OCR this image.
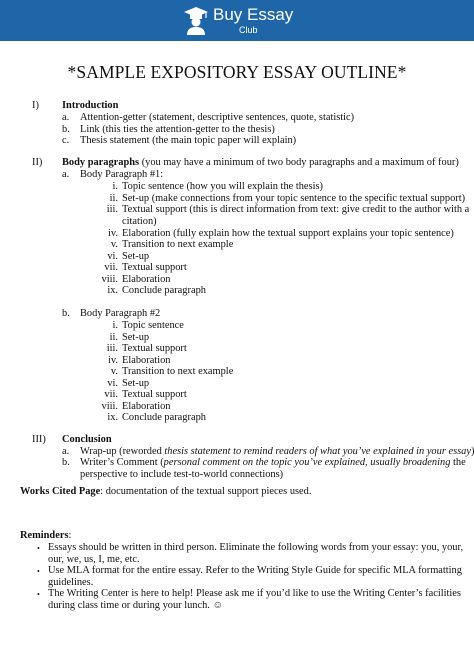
Buy Essay
Club
*SAMPLE EXPOSITORY ESSAY OUTLINE*
I) Introduction
a. Attention-getter (statement, descriptive sentences, quote, statistic)
b. Link (this ties the attention-getter to the thesis)
c. Thesis statement (the main topic paper will explain)
II) Body paragraphs (you may have a minimum of two body paragraphs and a maximum of four)
a. Body Paragraph #1:
i. Topic sentence (how you will explain the thesis)
ii. Set-up (make connections from your topic sentence to the specific textual support)
iii. Textual support (this is direct information from text: give credit to the author with a
citation)
iv. Elaboration (fully explain how the textual support explains your topic sentence)
v. Transition to next example
vi. Set-up
vii. Textual support
viii. Elaboration
ix. Conclude paragraph
b. Body Paragraph #2
i. Topic sentence
ii. Set-up
iii. Textual support
iv. Elaboration
v. Transition to next example
vi. Set-up
vii. Textual support
viii. Elaboration
ix. Conclude paragraph
III) Conclusion
a. Wrap-up (reworded thesis statement to remind readers of what you’ve explained in your essay
b. Writer’s Comment (personal comment on the topic you’ve explained, usually broadening the
perspective to include test-to-world connections)
Works Cited Page: documentation of the textual support pieces used.
Reminders:
• Essays should be written in third person. Eliminate the following words from your essay: you, your,
our, we, us, I, me, etc.
• Use MLA format for the entire essay. Refer to the Writing Style Guide for specific MLA formatting
guidelines.
• The Writing Center is here to help! Please ask me if you’d like to use the Writing Center’s facilities
during class time or during your lunch. ☺
